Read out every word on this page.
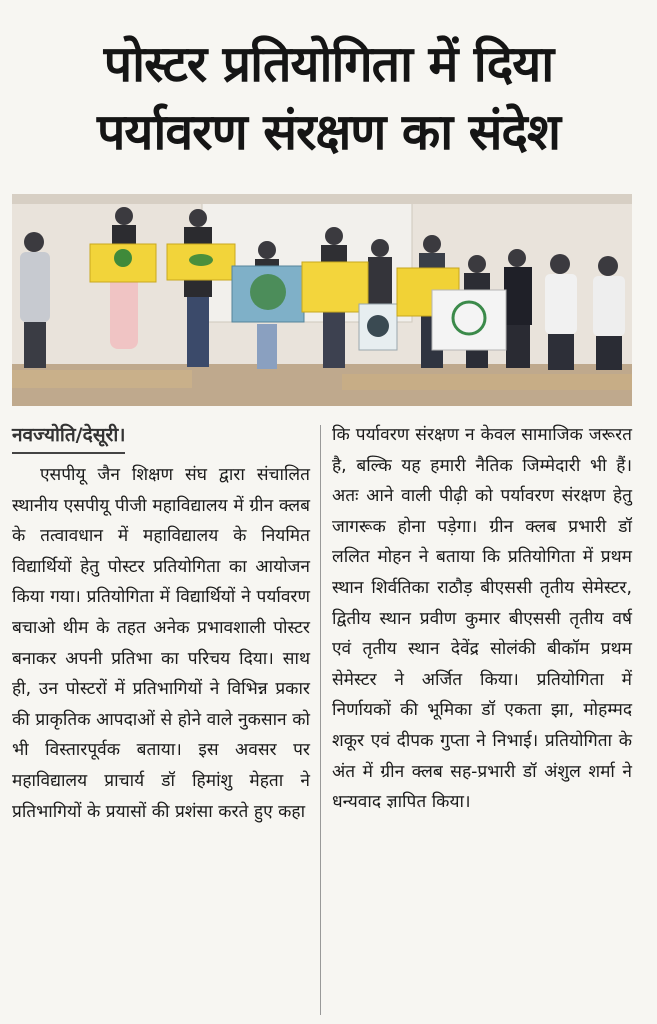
पोस्टर प्रतियोगिता में दिया
पर्यावरण संरक्षण का संदेश
नवज्योति/देसूरी।
एसपीयू जैन शिक्षण संघ द्वारा संचालित स्थानीय एसपीयू पीजी महाविद्यालय में ग्रीन क्लब के तत्वावधान में महाविद्यालय के नियमित विद्यार्थियों हेतु पोस्टर प्रतियोगिता का आयोजन किया गया। प्रतियोगिता में विद्यार्थियों ने पर्यावरण बचाओ थीम के तहत अनेक प्रभावशाली पोस्टर बनाकर अपनी प्रतिभा का परिचय दिया। साथ ही, उन पोस्टरों में प्रतिभागियों ने विभिन्न प्रकार की प्राकृतिक आपदाओं से होने वाले नुकसान को भी विस्तारपूर्वक बताया। इस अवसर पर महाविद्यालय प्राचार्य डॉ हिमांशु मेहता ने प्रतिभागियों के प्रयासों की प्रशंसा करते हुए कहा
कि पर्यावरण संरक्षण न केवल सामाजिक जरूरत है, बल्कि यह हमारी नैतिक जिम्मेदारी भी हैं। अतः आने वाली पीढ़ी को पर्यावरण संरक्षण हेतु जागरूक होना पड़ेगा। ग्रीन क्लब प्रभारी डॉ ललित मोहन ने बताया कि प्रतियोगिता में प्रथम स्थान शिर्वतिका राठौड़ बीएससी तृतीय सेमेस्टर, द्वितीय स्थान प्रवीण कुमार बीएससी तृतीय वर्ष एवं तृतीय स्थान देवेंद्र सोलंकी बीकॉम प्रथम सेमेस्टर ने अर्जित किया। प्रतियोगिता में निर्णायकों की भूमिका डॉ एकता झा, मोहम्मद शकूर एवं दीपक गुप्ता ने निभाई। प्रतियोगिता के अंत में ग्रीन क्लब सह-प्रभारी डॉ अंशुल शर्मा ने धन्यवाद ज्ञापित किया।
